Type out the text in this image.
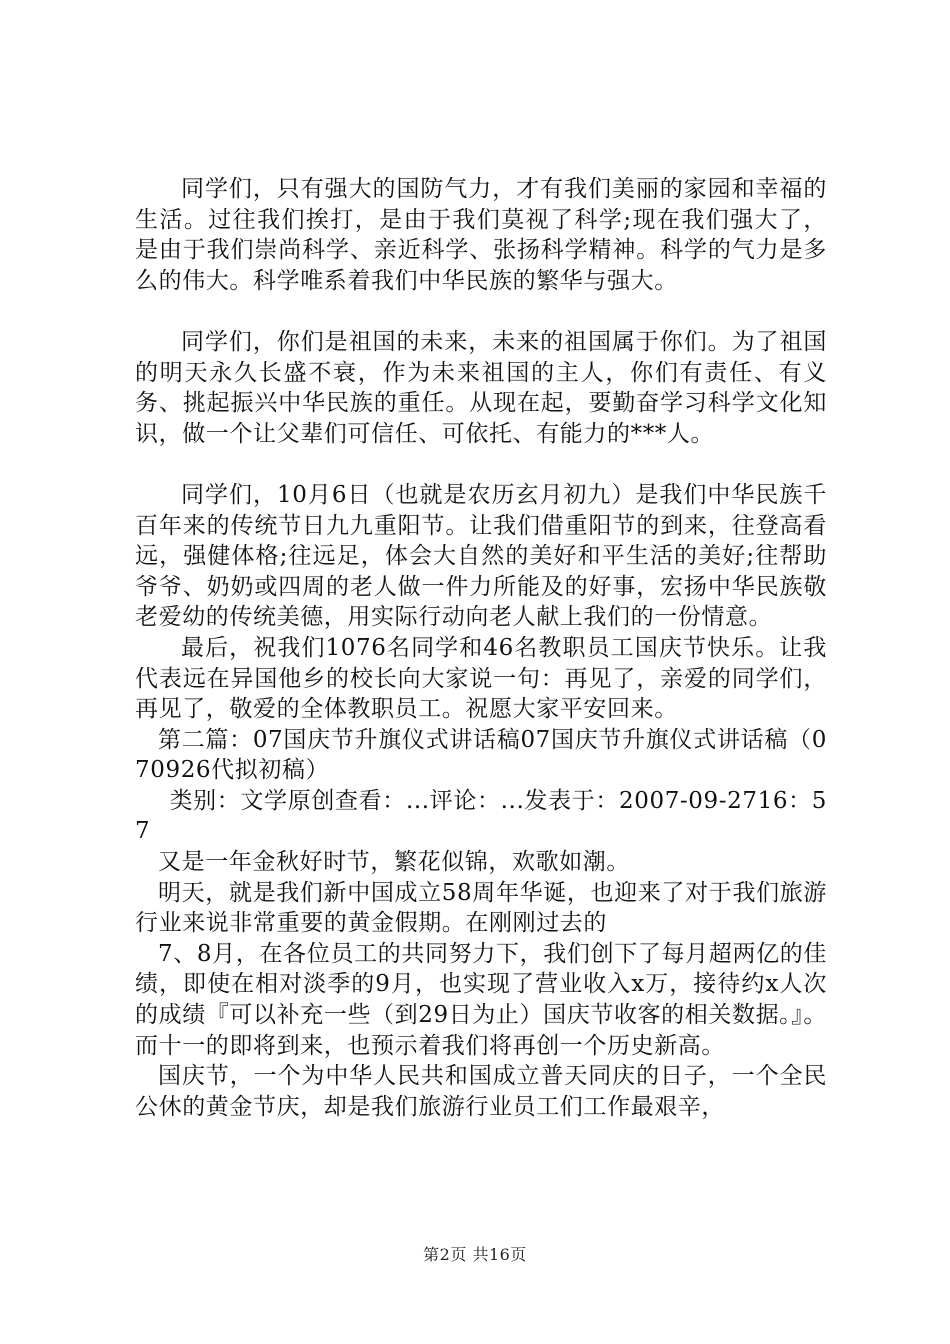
同学们，只有强大的国防气力，才有我们美丽的家园和幸福的生活。过往我们挨打，是由于我们莫视了科学;现在我们强大了，是由于我们崇尚科学、亲近科学、张扬科学精神。科学的气力是多么的伟大。科学唯系着我们中华民族的繁华与强大。

同学们，你们是祖国的未来，未来的祖国属于你们。为了祖国的明天永久长盛不衰，作为未来祖国的主人，你们有责任、有义务、挑起振兴中华民族的重任。从现在起，要勤奋学习科学文化知识，做一个让父辈们可信任、可依托、有能力的***人。

同学们，10月6日（也就是农历玄月初九）是我们中华民族千百年来的传统节日九九重阳节。让我们借重阳节的到来，往登高看远，强健体格;往远足，体会大自然的美好和平生活的美好;往帮助爷爷、奶奶或四周的老人做一件力所能及的好事，宏扬中华民族敬老爱幼的传统美德，用实际行动向老人献上我们的一份情意。

最后，祝我们1076名同学和46名教职员工国庆节快乐。让我代表远在异国他乡的校长向大家说一句：再见了，亲爱的同学们，再见了，敬爱的全体教职员工。祝愿大家平安回来。

第二篇：07国庆节升旗仪式讲话稿07国庆节升旗仪式讲话稿（070926代拟初稿）

类别：文学原创查看：...评论：...发表于：2007-09-2716：57

又是一年金秋好时节，繁花似锦，欢歌如潮。

明天，就是我们新中国成立58周年华诞，也迎来了对于我们旅游行业来说非常重要的黄金假期。在刚刚过去的

7、8月，在各位员工的共同努力下，我们创下了每月超两亿的佳绩，即使在相对淡季的9月，也实现了营业收入x万，接待约x人次的成绩『可以补充一些（到29日为止）国庆节收客的相关数据。』。而十一的即将到来，也预示着我们将再创一个历史新高。

国庆节，一个为中华人民共和国成立普天同庆的日子，一个全民公休的黄金节庆，却是我们旅游行业员工们工作最艰辛，

第2页 共16页
